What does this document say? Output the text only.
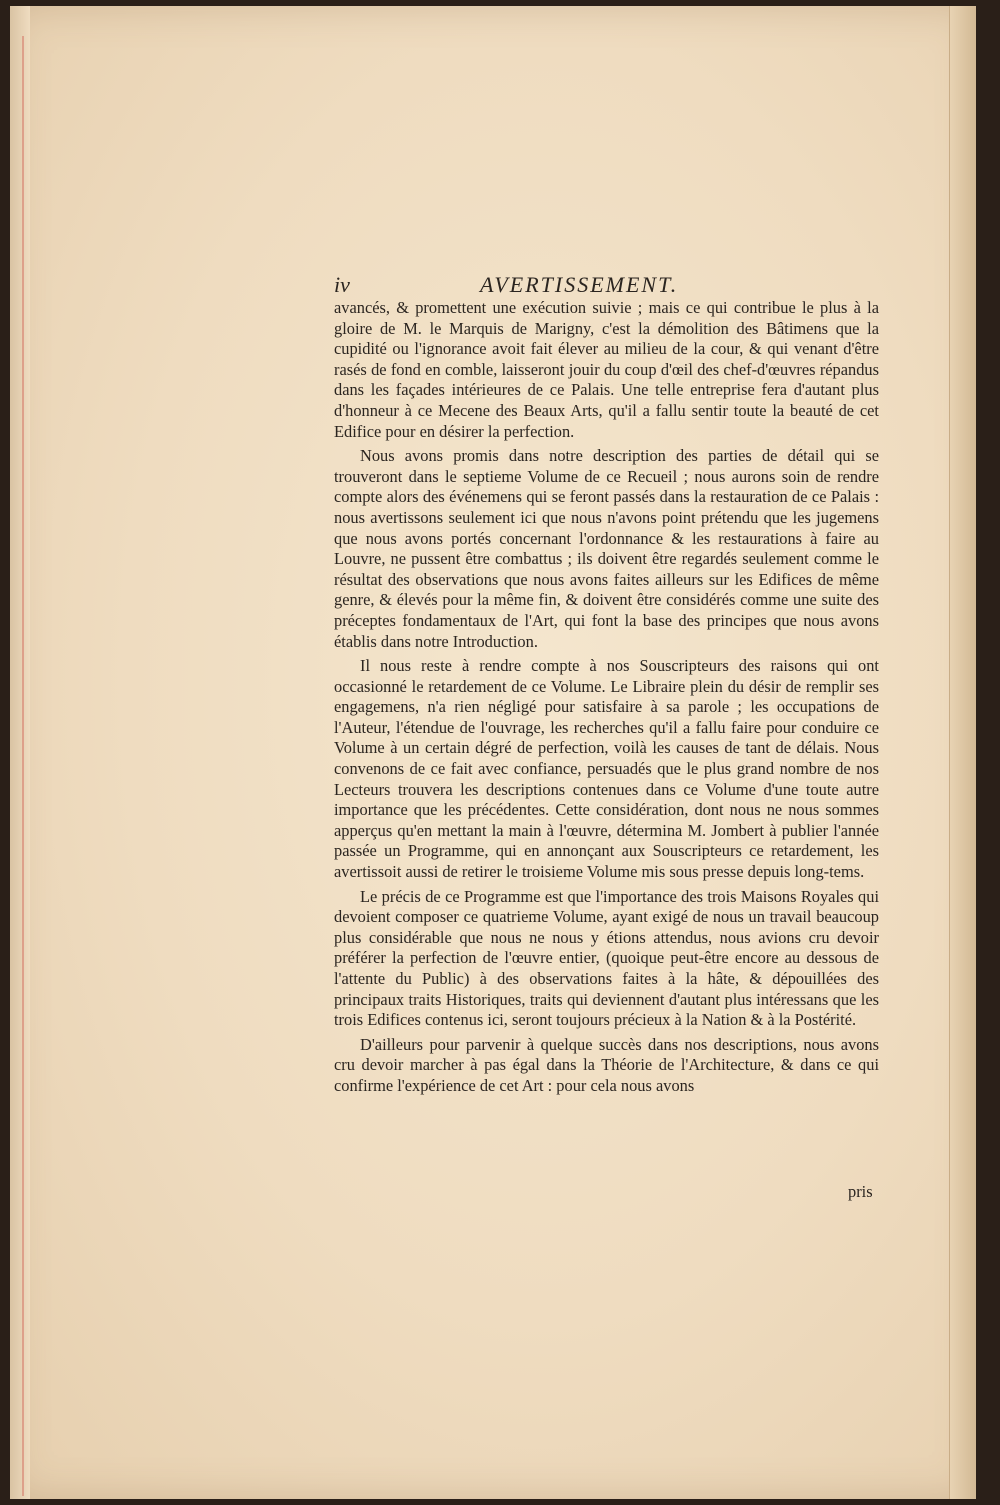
iv	AVERTISSEMENT.

avancés, & promettent une exécution suivie ; mais ce qui contribue le plus à la gloire de M. le Marquis de Marigny, c'est la démolition des Bâtimens que la cupidité ou l'ignorance avoit fait élever au milieu de la cour, & qui venant d'être rasés de fond en comble, laisseront jouir du coup d'œil des chef-d'œuvres répandus dans les façades intérieures de ce Palais. Une telle entreprise fera d'autant plus d'honneur à ce Mecene des Beaux Arts, qu'il a fallu sentir toute la beauté de cet Edifice pour en désirer la perfection.

Nous avons promis dans notre description des parties de détail qui se trouveront dans le septieme Volume de ce Recueil ; nous aurons soin de rendre compte alors des événemens qui se feront passés dans la restauration de ce Palais : nous avertissons seulement ici que nous n'avons point prétendu que les jugemens que nous avons portés concernant l'ordonnance & les restaurations à faire au Louvre, ne pussent être combattus ; ils doivent être regardés seulement comme le résultat des observations que nous avons faites ailleurs sur les Edifices de même genre, & élevés pour la même fin, & doivent être considérés comme une suite des préceptes fondamentaux de l'Art, qui font la base des principes que nous avons établis dans notre Introduction.

Il nous reste à rendre compte à nos Souscripteurs des raisons qui ont occasionné le retardement de ce Volume. Le Libraire plein du désir de remplir ses engagemens, n'a rien négligé pour satisfaire à sa parole ; les occupations de l'Auteur, l'étendue de l'ouvrage, les recherches qu'il a fallu faire pour conduire ce Volume à un certain dégré de perfection, voilà les causes de tant de délais. Nous convenons de ce fait avec confiance, persuadés que le plus grand nombre de nos Lecteurs trouvera les descriptions contenues dans ce Volume d'une toute autre importance que les précédentes. Cette considération, dont nous ne nous sommes apperçus qu'en mettant la main à l'œuvre, détermina M. Jombert à publier l'année passée un Programme, qui en annonçant aux Souscripteurs ce retardement, les avertissoit aussi de retirer le troisieme Volume mis sous presse depuis long-tems.

Le précis de ce Programme est que l'importance des trois Maisons Royales qui devoient composer ce quatrieme Volume, ayant exigé de nous un travail beaucoup plus considérable que nous ne nous y étions attendus, nous avions cru devoir préférer la perfection de l'œuvre entier, (quoique peut-être encore au dessous de l'attente du Public) à des observations faites à la hâte, & dépouillées des principaux traits Historiques, traits qui deviennent d'autant plus intéressans que les trois Edifices contenus ici, seront toujours précieux à la Nation & à la Postérité.

D'ailleurs pour parvenir à quelque succès dans nos descriptions, nous avons cru devoir marcher à pas égal dans la Théorie de l'Architecture, & dans ce qui confirme l'expérience de cet Art : pour cela nous avons

pris
